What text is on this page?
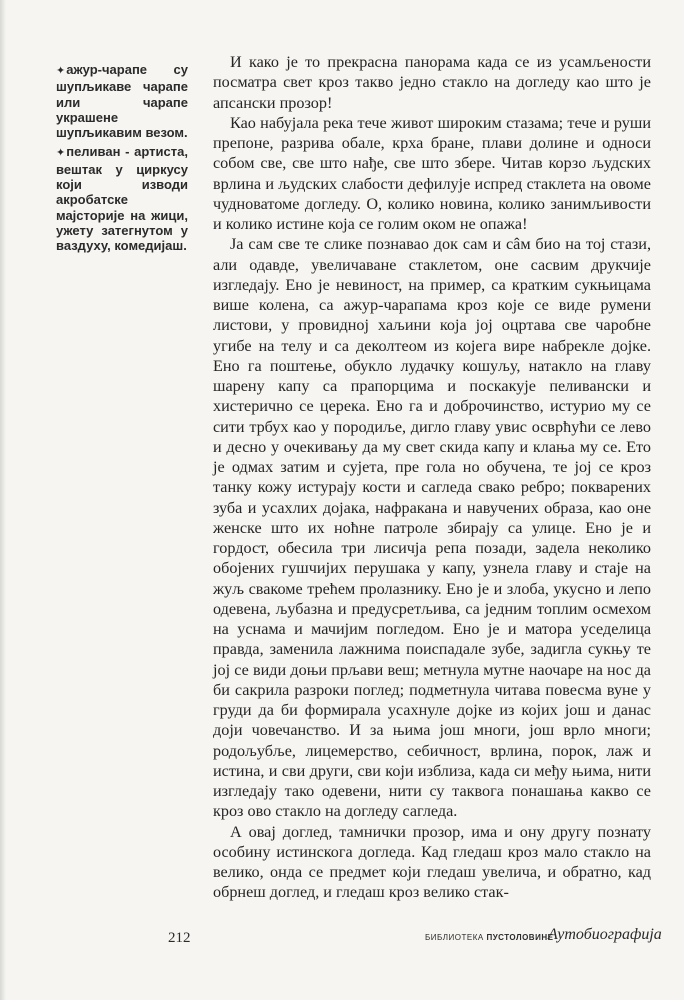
✦ажур-чарапе су шупљикаве чарапе или чарапе украшене шупљикавим везом.
✦пеливан - артиста, вештак у циркусу који изводи акробатске мајсторије на жици, ужету затегнутом у ваздуху, комедијаш.

И како је то прекрасна панорама када се из усамљености посматра свет кроз такво једно стакло на догледу као што је апсански прозор!

Као набујала река тече живот широким стазама; тече и руши препоне, разрива обале, крха бране, плави долине и односи собом све, све што нађе, све што збере. Читав корзо људских врлина и људских слабости дефилује испред стаклета на овоме чудноватоме догледу. О, колико новина, колико занимљивости и колико истине која се голим оком не опажа!

Ја сам све те слике познавао док сам и сâм био на тој стази, али одавде, увеличаване стаклетом, оне сасвим друкчије изгледају. Ено је невиност, на пример, са кратким сукњицама више колена, са ажур-чарапама кроз које се виде румени листови, у провидној хаљини која јој оцртава све чаробне угибе на телу и са деколтеом из којега вире набрекле дојке. Ено га поштење, обукло лудачку кошуљу, натакло на главу шарену капу са прапорцима и поскакује пеливански и хистерично се церека. Ено га и доброчинство, истурио му се сити трбух као у породиље, дигло главу увис осврћући се лево и десно у очекивању да му свет скида капу и клања му се. Ето је одмах затим и сујета, пре гола но обучена, те јој се кроз танку кожу истурају кости и сагледа свако ребро; покварених зуба и усахлих дојака, нафракана и навучених образа, као оне женске што их ноћне патроле збирају са улице. Ено је и гордост, обесила три лисичја репа позади, задела неколико обојених гушчијих перушака у капу, узнела главу и стаје на жуљ свакоме трећем пролазнику. Ено је и злоба, укусно и лепо одевена, љубазна и предусретљива, са једним топлим осмехом на уснама и мачијим погледом. Ено је и матора уседелица правда, заменила лажнима поиспадале зубе, задигла сукњу те јој се види доњи прљави веш; метнула мутне наочаре на нос да би сакрила разроки поглед; подметнула читава повесма вуне у груди да би формирала усахнуле дојке из којих још и данас доји човечанство. И за њима још многи, још врло многи; родољубље, лицемерство, себичност, врлина, порок, лаж и истина, и сви други, сви који изблиза, када си међу њима, нити изгледају тако одевени, нити су таквога понашања какво се кроз ово стакло на догледу сагледа.

А овај доглед, тамнички прозор, има и ону другу познату особину истинскога догледа. Кад гледаш кроз мало стакло на велико, онда се предмет који гледаш увелича, и обратно, кад обрнеш доглед, и гледаш кроз велико стак-

212	БИБЛИОТЕКА ПУСТОЛОВИНЕ
Аутобиографија
